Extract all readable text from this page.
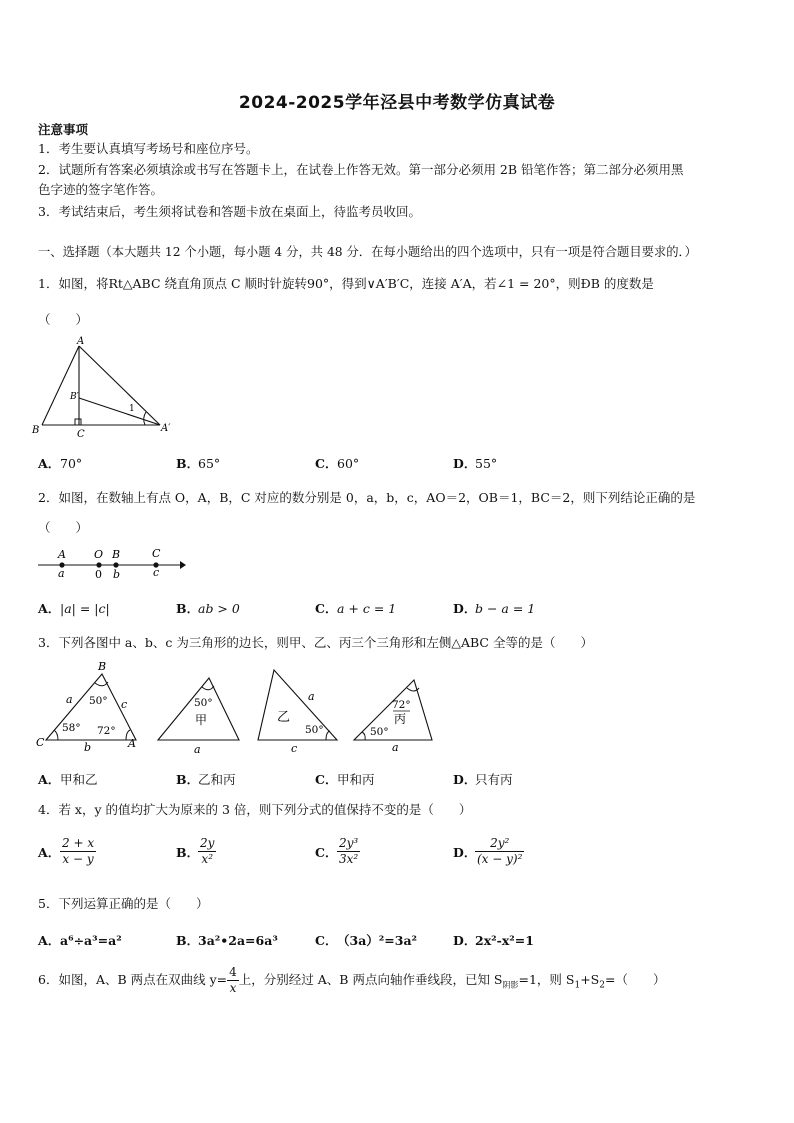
2024-2025学年泾县中考数学仿真试卷
注意事项
1．考生要认真填写考场号和座位序号。
2．试题所有答案必须填涂或书写在答题卡上，在试卷上作答无效。第一部分必须用 2B 铅笔作答；第二部分必须用黑
色字迹的签字笔作答。
3．考试结束后，考生须将试卷和答题卡放在桌面上，待监考员收回。
一、选择题（本大题共 12 个小题，每小题 4 分，共 48 分．在每小题给出的四个选项中，只有一项是符合题目要求的．）
1．如图，将Rt△ABC 绕直角顶点 C 顺时针旋转90°，得到∨A′B′C，连接 A′A，若∠1 = 20°，则ÐB 的度数是
（　　）
A
B	C
B′
A′
1
A．70°	B．65°	C．60°	D．55°
2．如图，在数轴上有点 O，A，B，C 对应的数分别是 0，a，b，c，AO＝2，OB＝1，BC＝2，则下列结论正确的是
（　　）
A	O B	C
a	0 b	c
A．|a| = |c|	B．ab > 0	C．a + c = 1	D．b − a = 1
3．下列各图中 a、b、c 为三角形的边长，则甲、乙、丙三个三角形和左侧△ABC 全等的是（　　）
B
C	A
a	c
b
50°
58° 72°
50°
甲
a
乙
a
50°
c
72°
丙
50°
a
A．甲和乙	B．乙和丙	C．甲和丙	D．只有丙
4．若 x，y 的值均扩大为原来的 3 倍，则下列分式的值保持不变的是（　　）
A． $\frac{2 + x}{x - y}$	B．
$\frac{2y}{\text{x²}}$	C． $\frac{\text{2y³}}{\text{3x²}}$	D．
$\frac{\text{2y²}}{\text{(x − y)²}}$
5．下列运算正确的是（　　）
A．a⁶÷a³=a²	B．3a²•2a=6a³	C．（3a）²=3a²	D．2x²-x²=1
6．如图，A、B 两点在双曲线 $y= \frac{4}{x}$ 上，分别经过 A、B 两点向轴作垂线段，已知 $S_{阴影}=1$，则 $S_1+S_2=$（　　）
